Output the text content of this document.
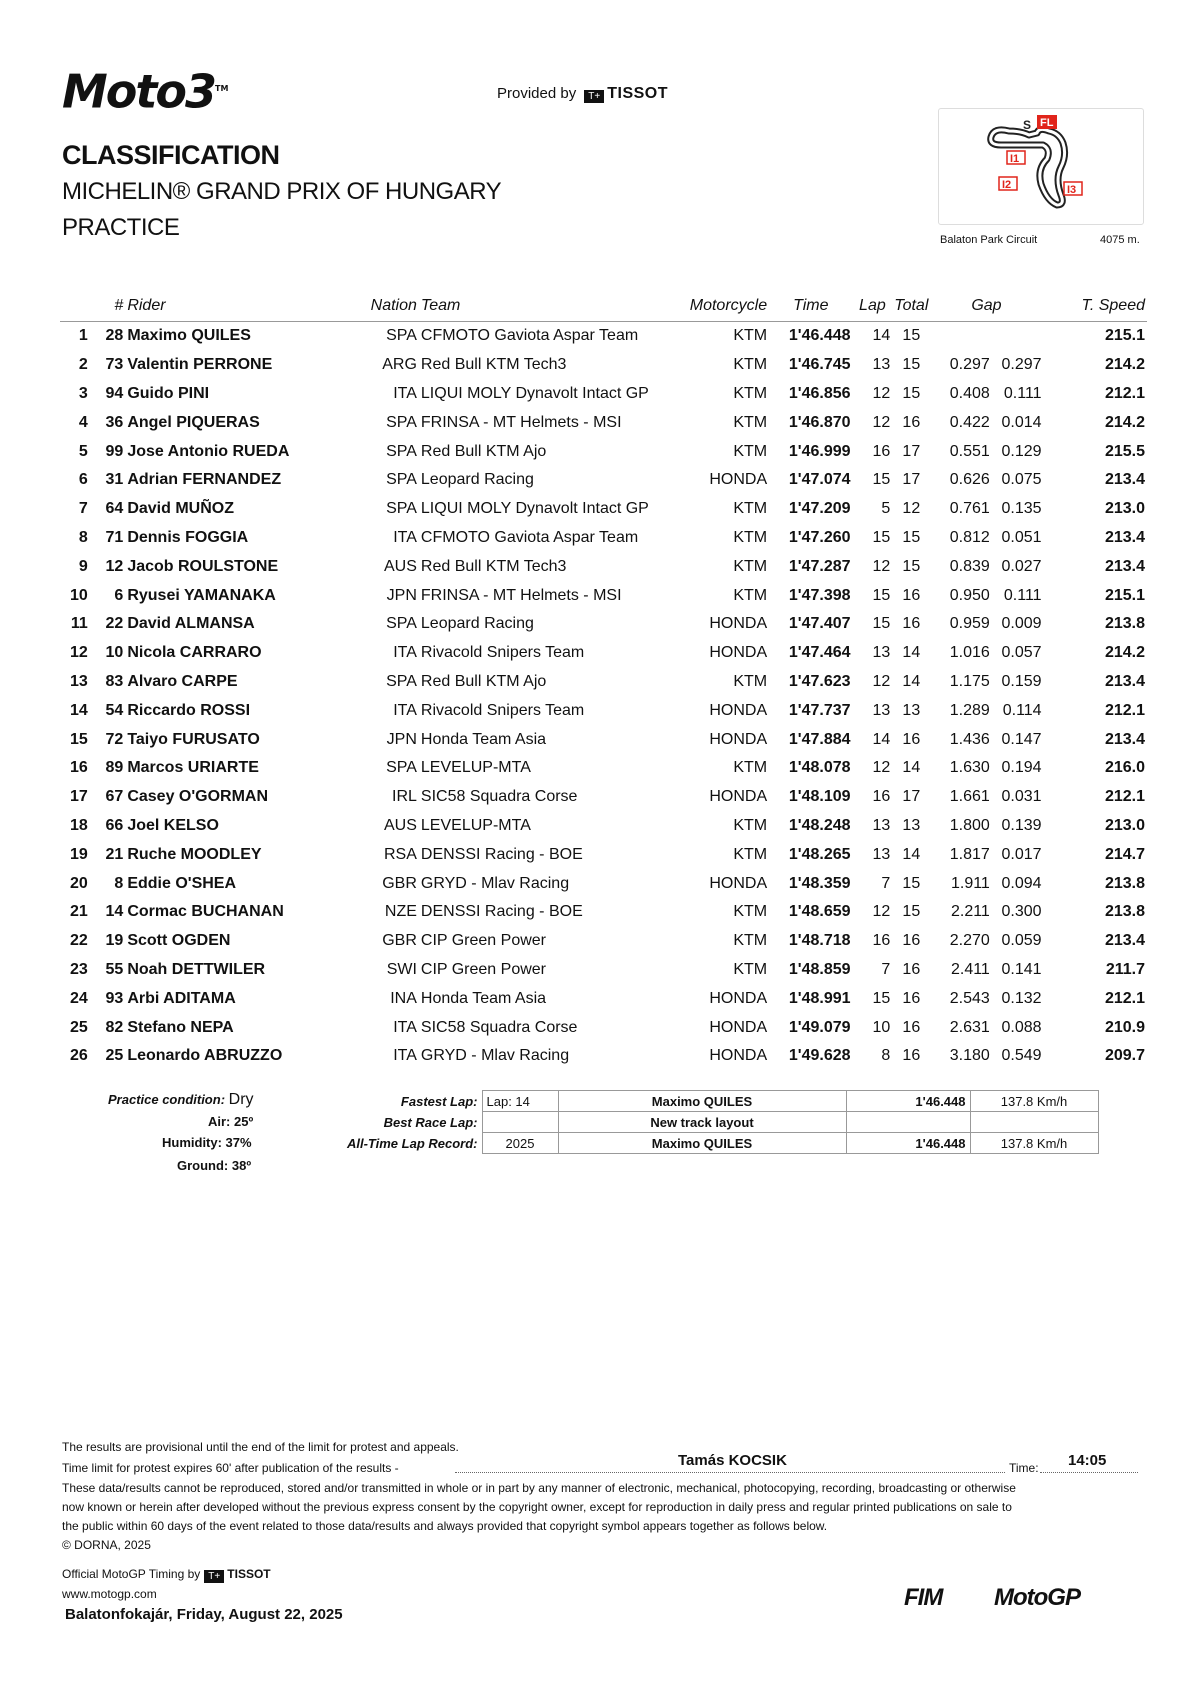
Moto3™	Provided by T+ TISSOT
CLASSIFICATION
MICHELIN® GRAND PRIX OF HUNGARY
PRACTICE
S FL
I1
I2	I3
Balaton Park Circuit	4075 m.
	#	Rider	Nation	Team	Motorcycle	Time	Lap	Total	Gap		T. Speed
1	28	Maximo QUILES	SPA	CFMOTO Gaviota Aspar Team	KTM	1'46.448	14	15			215.1
2	73	Valentin PERRONE	ARG	Red Bull KTM Tech3	KTM	1'46.745	13	15	0.297	0.297	214.2
3	94	Guido PINI	ITA	LIQUI MOLY Dynavolt Intact GP	KTM	1'46.856	12	15	0.408	0.111	212.1
4	36	Angel PIQUERAS	SPA	FRINSA - MT Helmets - MSI	KTM	1'46.870	12	16	0.422	0.014	214.2
5	99	Jose Antonio RUEDA	SPA	Red Bull KTM Ajo	KTM	1'46.999	16	17	0.551	0.129	215.5
6	31	Adrian FERNANDEZ	SPA	Leopard Racing	HONDA	1'47.074	15	17	0.626	0.075	213.4
7	64	David MUÑOZ	SPA	LIQUI MOLY Dynavolt Intact GP	KTM	1'47.209	5	12	0.761	0.135	213.0
8	71	Dennis FOGGIA	ITA	CFMOTO Gaviota Aspar Team	KTM	1'47.260	15	15	0.812	0.051	213.4
9	12	Jacob ROULSTONE	AUS	Red Bull KTM Tech3	KTM	1'47.287	12	15	0.839	0.027	213.4
10	6	Ryusei YAMANAKA	JPN	FRINSA - MT Helmets - MSI	KTM	1'47.398	15	16	0.950	0.111	215.1
11	22	David ALMANSA	SPA	Leopard Racing	HONDA	1'47.407	15	16	0.959	0.009	213.8
12	10	Nicola CARRARO	ITA	Rivacold Snipers Team	HONDA	1'47.464	13	14	1.016	0.057	214.2
13	83	Alvaro CARPE	SPA	Red Bull KTM Ajo	KTM	1'47.623	12	14	1.175	0.159	213.4
14	54	Riccardo ROSSI	ITA	Rivacold Snipers Team	HONDA	1'47.737	13	13	1.289	0.114	212.1
15	72	Taiyo FURUSATO	JPN	Honda Team Asia	HONDA	1'47.884	14	16	1.436	0.147	213.4
16	89	Marcos URIARTE	SPA	LEVELUP-MTA	KTM	1'48.078	12	14	1.630	0.194	216.0
17	67	Casey O'GORMAN	IRL	SIC58 Squadra Corse	HONDA	1'48.109	16	17	1.661	0.031	212.1
18	66	Joel KELSO	AUS	LEVELUP-MTA	KTM	1'48.248	13	13	1.800	0.139	213.0
19	21	Ruche MOODLEY	RSA	DENSSI Racing - BOE	KTM	1'48.265	13	14	1.817	0.017	214.7
20	8	Eddie O'SHEA	GBR	GRYD - Mlav Racing	HONDA	1'48.359	7	15	1.911	0.094	213.8
21	14	Cormac BUCHANAN	NZE	DENSSI Racing - BOE	KTM	1'48.659	12	15	2.211	0.300	213.8
22	19	Scott OGDEN	GBR	CIP Green Power	KTM	1'48.718	16	16	2.270	0.059	213.4
23	55	Noah DETTWILER	SWI	CIP Green Power	KTM	1'48.859	7	16	2.411	0.141	211.7
24	93	Arbi ADITAMA	INA	Honda Team Asia	HONDA	1'48.991	15	16	2.543	0.132	212.1
25	82	Stefano NEPA	ITA	SIC58 Squadra Corse	HONDA	1'49.079	10	16	2.631	0.088	210.9
26	25	Leonardo ABRUZZO	ITA	GRYD - Mlav Racing	HONDA	1'49.628	8	16	3.180	0.549	209.7
Practice condition: Dry
Air: 25º
Humidity: 37%
Ground: 38º
Fastest Lap:	Lap: 14	Maximo QUILES	1'46.448	137.8 Km/h
Best Race Lap:		New track layout		
All-Time Lap Record:	2025	Maximo QUILES	1'46.448	137.8 Km/h
The results are provisional until the end of the limit for protest and appeals.
Time limit for protest expires 60' after publication of the results -	Tamás KOCSIK	Time: 14:05
These data/results cannot be reproduced, stored and/or transmitted in whole or in part by any manner of electronic, mechanical, photocopying, recording, broadcasting or otherwise
now known or herein after developed without the previous express consent by the copyright owner, except for reproduction in daily press and regular printed publications on sale to
the public within 60 days of the event related to those data/results and always provided that copyright symbol appears together as follows below.
© DORNA, 2025
Official MotoGP Timing by T+ TISSOT
www.motogp.com
Balatonfokajár, Friday, August 22, 2025
FIM MotoGP
